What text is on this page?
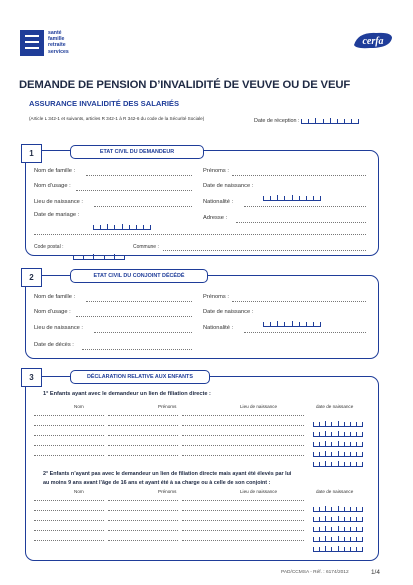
santé
famille
retraite
services
cerfa
DEMANDE DE PENSION D’INVALIDITÉ DE VEUVE OU DE VEUF
ASSURANCE INVALIDITÉ DES SALARIÉS
(Article L 342-1 et suivants, articles R 342-1 à R 342-6 du code de la Sécurité Sociale)	Date de réception :
1	ETAT CIVIL DU DEMANDEUR
Nom de famille :	Prénoms :
Nom d’usage :	Date de naissance :
Lieu de naissance :	Nationalité :
Date de mariage :	Adresse :
Code postal :	Commune :
2	ETAT CIVIL DU CONJOINT DÉCÉDÉ
Nom de famille :	Prénoms :
Nom d’usage :	Date de naissance :
Lieu de naissance :	Nationalité :
Date de décès :
3	DÉCLARATION RELATIVE AUX ENFANTS
1° Enfants ayant avec le demandeur un lien de filiation directe :
Nom	Prénoms	Lieu de naissance	date de naissance
2° Enfants n’ayant pas avec le demandeur un lien de filiation directe mais ayant été élevés par lui
au moins 9 ans avant l’âge de 16 ans et ayant été à sa charge ou à celle de son conjoint :
Nom	Prénoms	Lieu de naissance	date de naissance
PAD/CCMSA - Réf. : 6174/2012	1/4
